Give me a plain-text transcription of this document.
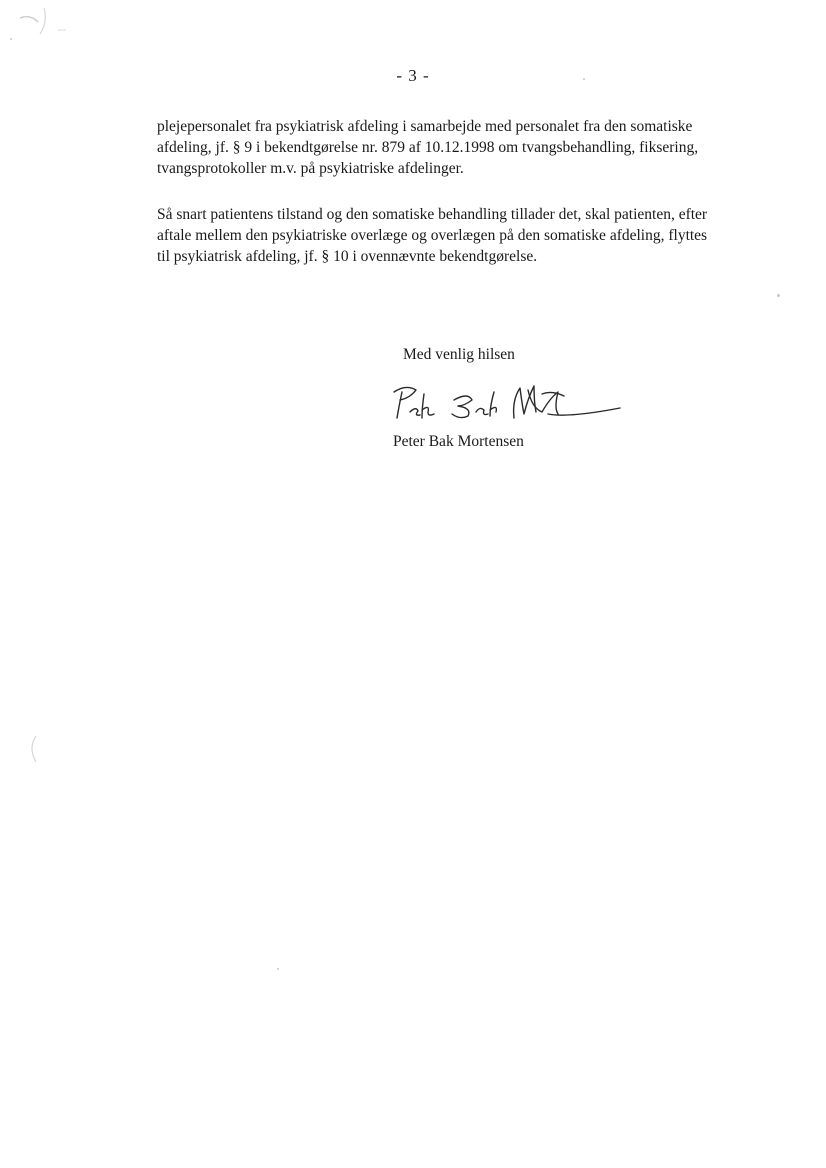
- 3 -

plejepersonalet fra psykiatrisk afdeling i samarbejde med personalet fra den somatiske

afdeling, jf. § 9 i bekendtgørelse nr. 879 af 10.12.1998 om tvangsbehandling, fiksering,

tvangsprotokoller m.v. på psykiatriske afdelinger.

Så snart patientens tilstand og den somatiske behandling tillader det, skal patienten, efter

aftale mellem den psykiatriske overlæge og overlægen på den somatiske afdeling, flyttes

til psykiatrisk afdeling, jf. § 10 i ovennævnte bekendtgørelse.

Med venlig hilsen
Peter Bak Mortensen
Peter Bak Mortensen
